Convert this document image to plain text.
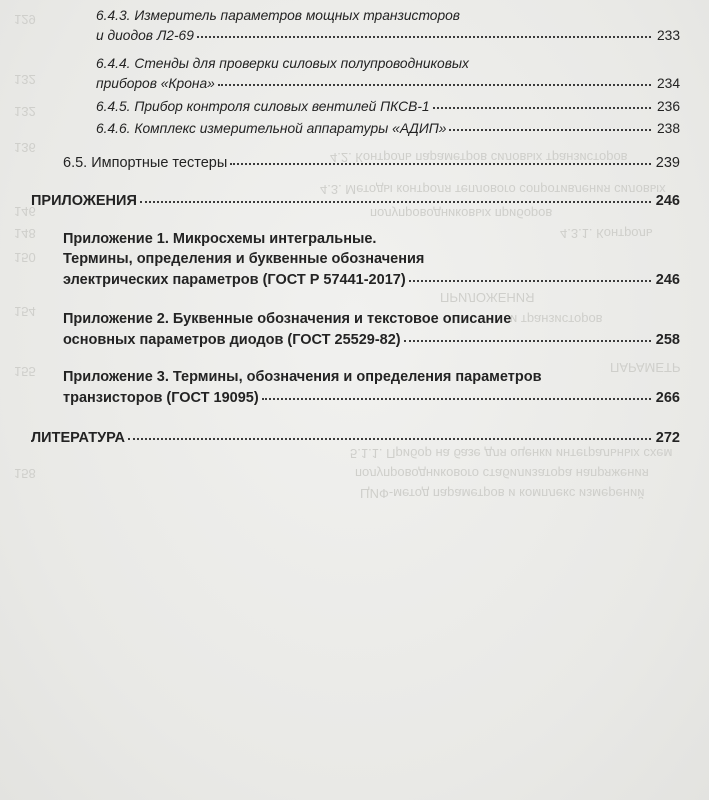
ПРИЛОЖЕНИЯ
4.2. Контроль параметров силовых транзисторов
4.3. Методы контроля теплового сопротивления силовых
полупроводниковых приборов
4.3.1. Контроль
и транзисторов
ПАРАМЕТР
5.1.1. Прибор на базе для оценки интегральных схем
полупроводникового стабилизатора напряжения
ЦИФ-метод параметров и комплекс измерений
129
132
132
136
146
148
150
154
155
158
6.4.3. Измеритель параметров мощных транзисторов
и диодов Л2-69	233
6.4.4. Стенды для проверки силовых полупроводниковых
приборов «Крона»	234
6.4.5. Прибор контроля силовых вентилей ПКСВ-1	236
6.4.6. Комплекс измерительной аппаратуры «АДИП»	238
6.5. Импортные тестеры	239
ПРИЛОЖЕНИЯ	246
Приложение 1. Микросхемы интегральные.
Термины, определения и буквенные обозначения
электрических параметров (ГОСТ Р 57441-2017)	246
Приложение 2. Буквенные обозначения и текстовое описание
основных параметров диодов (ГОСТ 25529-82)	258
Приложение 3. Термины, обозначения и определения параметров
транзисторов (ГОСТ 19095)	266
ЛИТЕРАТУРА	272
